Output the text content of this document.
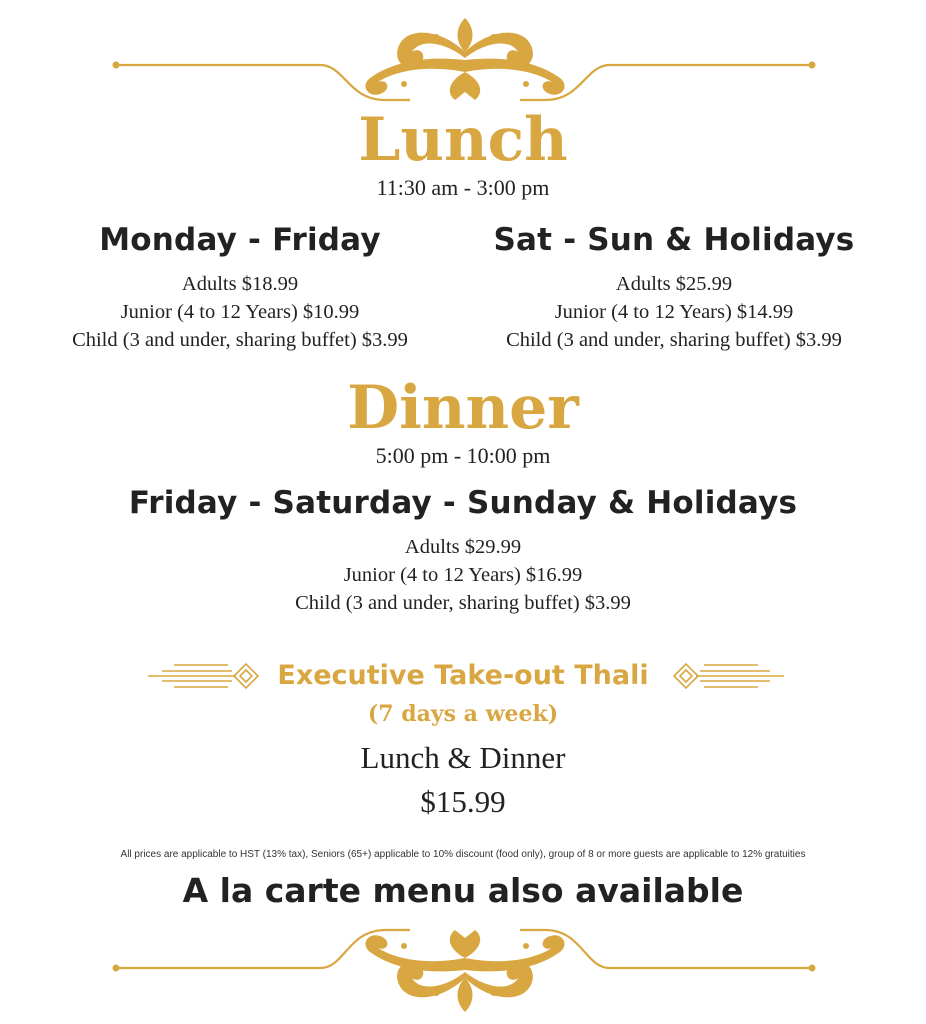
Lunch
11:30 am - 3:00 pm
Monday - Friday
Adults $18.99
Junior (4 to 12 Years) $10.99
Child (3 and under, sharing buffet) $3.99
Sat - Sun & Holidays
Adults $25.99
Junior (4 to 12 Years) $14.99
Child (3 and under, sharing buffet) $3.99
Dinner
5:00 pm - 10:00 pm
Friday - Saturday - Sunday & Holidays
Adults $29.99
Junior (4 to 12 Years) $16.99
Child (3 and under, sharing buffet) $3.99
Executive Take-out Thali
(7 days a week)
Lunch & Dinner
$15.99
All prices are applicable to HST (13% tax), Seniors (65+) applicable to 10% discount (food only), group of 8 or more guests are applicable to 12% gratuities
A la carte menu also available
